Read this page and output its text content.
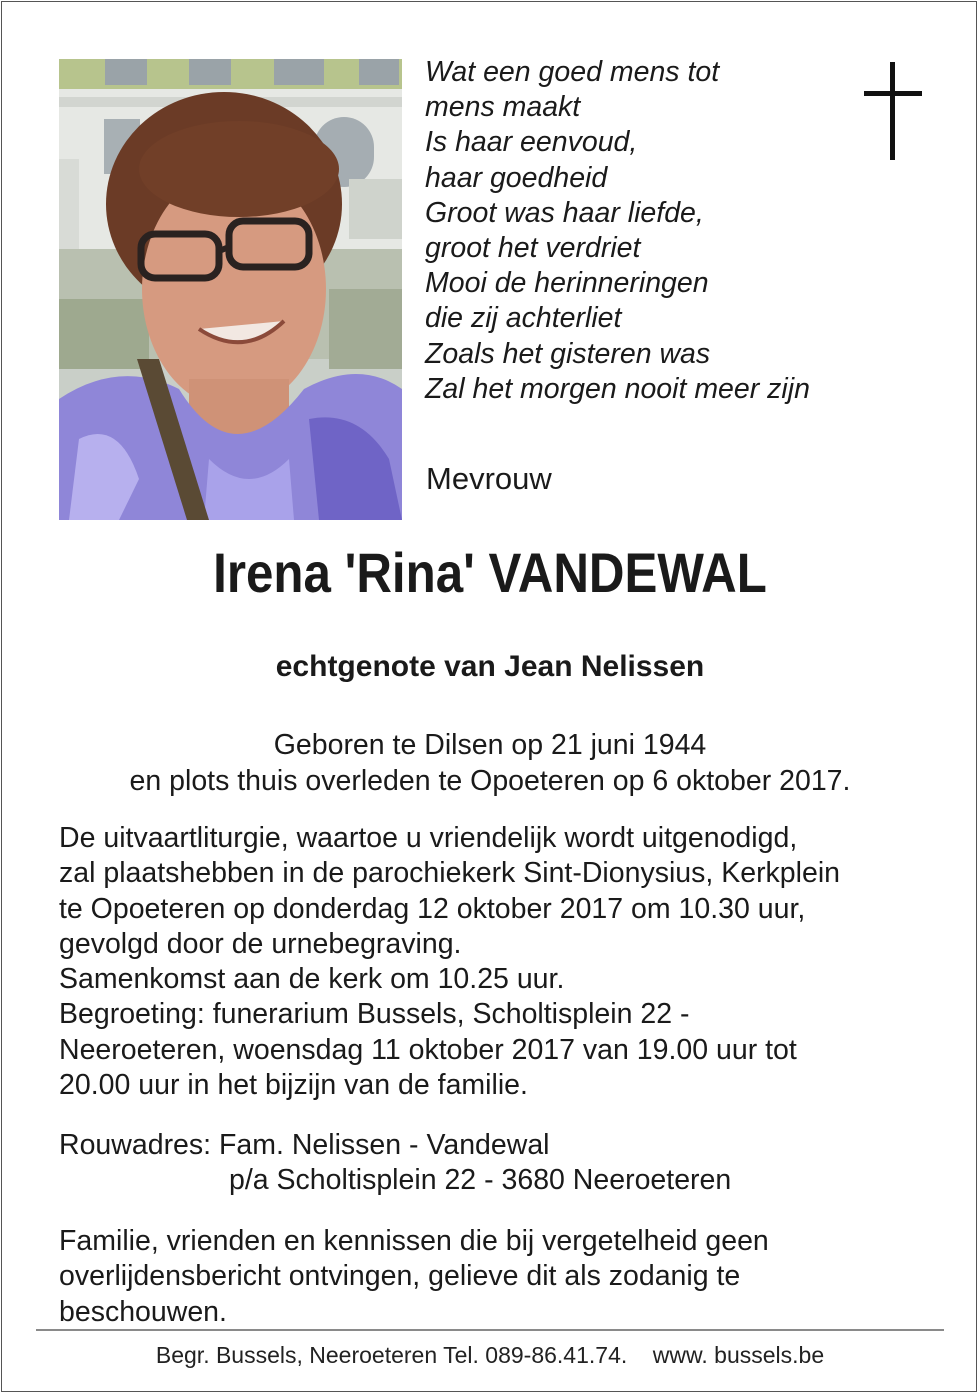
Wat een goed mens tot
mens maakt
Is haar eenvoud,
haar goedheid
Groot was haar liefde,
groot het verdriet
Mooi de herinneringen
die zij achterliet
Zoals het gisteren was
Zal het morgen nooit meer zijn
Mevrouw
Irena 'Rina' VANDEWAL
echtgenote van Jean Nelissen
Geboren te Dilsen op 21 juni 1944
en plots thuis overleden te Opoeteren op 6 oktober 2017.
De uitvaartliturgie, waartoe u vriendelijk wordt uitgenodigd,
zal plaatshebben in de parochiekerk Sint-Dionysius, Kerkplein
te Opoeteren op donderdag 12 oktober 2017 om 10.30 uur,
gevolgd door de urnebegraving.
Samenkomst aan de kerk om 10.25 uur.
Begroeting: funerarium Bussels, Scholtisplein 22 -
Neeroeteren, woensdag 11 oktober 2017 van 19.00 uur tot
20.00 uur in het bijzijn van de familie.
Rouwadres: Fam. Nelissen - Vandewal
p/a Scholtisplein 22 - 3680 Neeroeteren
Familie, vrienden en kennissen die bij vergetelheid geen
overlijdensbericht ontvingen, gelieve dit als zodanig te
beschouwen.
Begr. Bussels, Neeroeteren Tel. 089-86.41.74.    www. bussels.be
